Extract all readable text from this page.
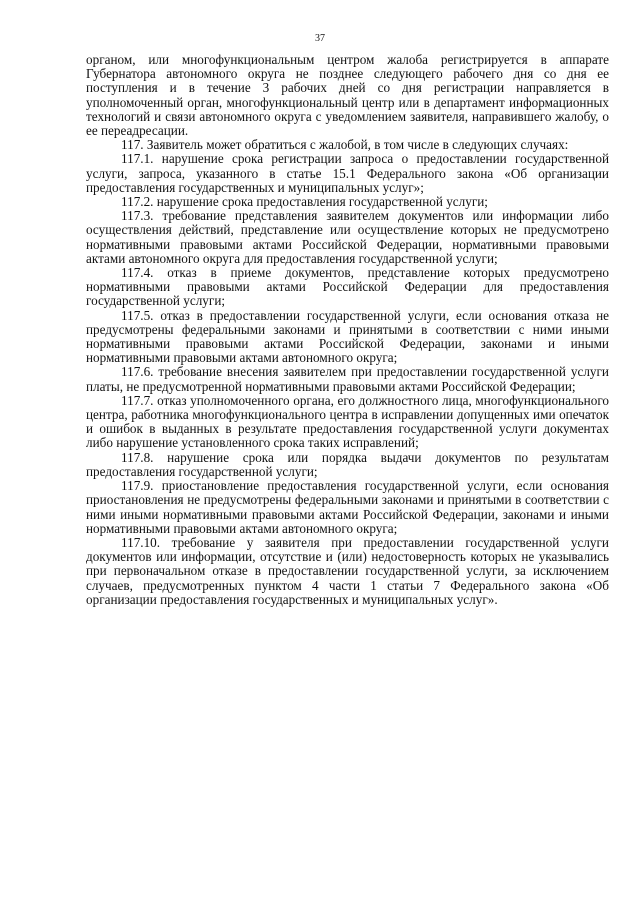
37

органом, или многофункциональным центром жалоба регистрируется в аппарате Губернатора автономного округа не позднее следующего рабочего дня со дня ее поступления и в течение 3 рабочих дней со дня регистрации направляется в уполномоченный орган, многофункциональный центр или в департамент информационных технологий и связи автономного округа с уведомлением заявителя, направившего жалобу, о ее переадресации.

117. Заявитель может обратиться с жалобой, в том числе в следующих случаях:

117.1. нарушение срока регистрации запроса о предоставлении государственной услуги, запроса, указанного в статье 15.1 Федерального закона «Об организации предоставления государственных и муниципальных услуг»;

117.2. нарушение срока предоставления государственной услуги;

117.3. требование представления заявителем документов или информации либо осуществления действий, представление или осуществление которых не предусмотрено нормативными правовыми актами Российской Федерации, нормативными правовыми актами автономного округа для предоставления государственной услуги;

117.4. отказ в приеме документов, представление которых предусмотрено нормативными правовыми актами Российской Федерации для предоставления государственной услуги;

117.5. отказ в предоставлении государственной услуги, если основания отказа не предусмотрены федеральными законами и принятыми в соответствии с ними иными нормативными правовыми актами Российской Федерации, законами и иными нормативными правовыми актами автономного округа;

117.6. требование внесения заявителем при предоставлении государственной услуги платы, не предусмотренной нормативными правовыми актами Российской Федерации;

117.7. отказ уполномоченного органа, его должностного лица, многофункционального центра, работника многофункционального центра в исправлении допущенных ими опечаток и ошибок в выданных в результате предоставления государственной услуги документах либо нарушение установленного срока таких исправлений;

117.8. нарушение срока или порядка выдачи документов по результатам предоставления государственной услуги;

117.9. приостановление предоставления государственной услуги, если основания приостановления не предусмотрены федеральными законами и принятыми в соответствии с ними иными нормативными правовыми актами Российской Федерации, законами и иными нормативными правовыми актами автономного округа;

117.10. требование у заявителя при предоставлении государственной услуги документов или информации, отсутствие и (или) недостоверность которых не указывались при первоначальном отказе в предоставлении государственной услуги, за исключением случаев, предусмотренных пунктом 4 части 1 статьи 7 Федерального закона «Об организации предоставления государственных и муниципальных услуг».
